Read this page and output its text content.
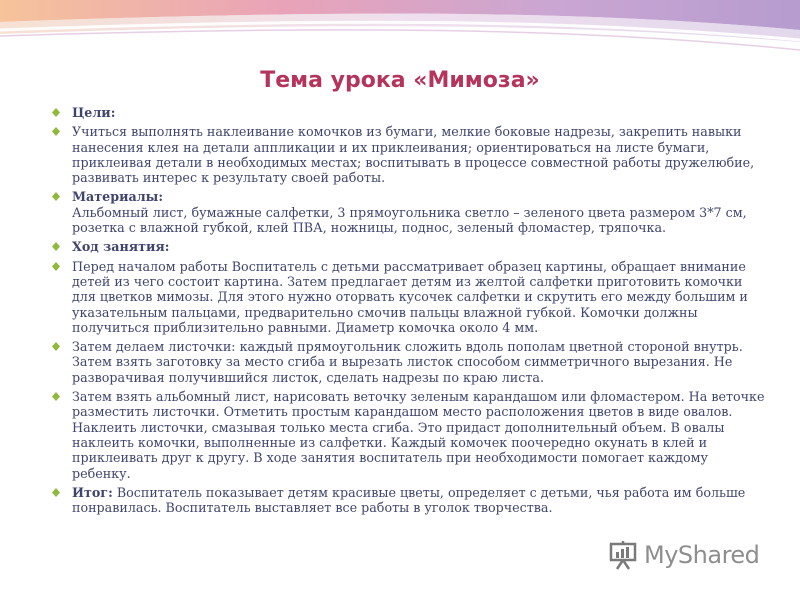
Тема урока «Мимоза»
Цели:
Учиться выполнять наклеивание комочков из бумаги, мелкие боковые надрезы, закрепить навыки нанесения клея на детали аппликации и их приклеивания; ориентироваться на листе бумаги, приклеивая детали в необходимых местах; воспитывать в процессе совместной работы дружелюбие, развивать интерес к результату своей работы.
Материалы:
Альбомный лист, бумажные салфетки, 3 прямоугольника светло – зеленого цвета размером 3*7 см, розетка с влажной губкой, клей ПВА, ножницы, поднос, зеленый фломастер, тряпочка.
Ход занятия:
Перед началом работы Воспитатель с детьми рассматривает образец картины, обращает внимание детей из чего состоит картина. Затем предлагает детям из желтой салфетки приготовить комочки для цветков мимозы. Для этого нужно оторвать кусочек салфетки и скрутить его между большим и указательным пальцами, предварительно смочив пальцы влажной губкой. Комочки должны получиться приблизительно равными. Диаметр комочка около 4 мм.
Затем делаем листочки: каждый прямоугольник сложить вдоль пополам цветной стороной внутрь. Затем взять заготовку за место сгиба и вырезать листок способом симметричного вырезания. Не разворачивая получившийся листок, сделать надрезы по краю листа.
Затем взять альбомный лист, нарисовать веточку зеленым карандашом или фломастером. На веточке разместить листочки. Отметить простым карандашом место расположения цветов в виде овалов. Наклеить листочки, смазывая только места сгиба. Это придаст дополнительный объем. В овалы наклеить комочки, выполненные из салфетки. Каждый комочек поочередно окунать в клей и приклеивать друг к другу. В ходе занятия воспитатель при необходимости помогает каждому ребенку.
Итог: Воспитатель показывает детям красивые цветы, определяет с детьми, чья работа им больше понравилась. Воспитатель выставляет все работы в уголок творчества.
MyShared
